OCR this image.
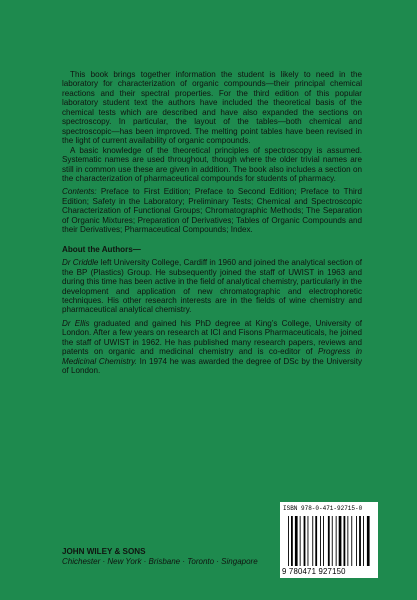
This book brings together information the student is likely to need in the laboratory for characterization of organic compounds—their principal chemical reactions and their spectral properties. For the third edition of this popular laboratory student text the authors have included the theoretical basis of the chemical tests which are described and have also expanded the sections on spectroscopy. In particular, the layout of the tables—both chemical and spectroscopic—has been improved. The melting point tables have been revised in the light of current availability of organic compounds.

A basic knowledge of the theoretical principles of spectroscopy is assumed. Systematic names are used throughout, though where the older trivial names are still in common use these are given in addition. The book also includes a section on the characterization of pharmaceutical compounds for students of pharmacy.

Contents: Preface to First Edition; Preface to Second Edition; Preface to Third Edition; Safety in the Laboratory; Preliminary Tests; Chemical and Spectroscopic Characterization of Functional Groups; Chromatographic Methods; The Separation of Organic Mixtures; Preparation of Derivatives; Tables of Organic Compounds and their Derivatives; Pharmaceutical Compounds; Index.

About the Authors—

Dr Criddle left University College, Cardiff in 1960 and joined the analytical section of the BP (Plastics) Group. He subsequently joined the staff of UWIST in 1963 and during this time has been active in the field of analytical chemistry, particularly in the development and application of new chromatographic and electrophoretic techniques. His other research interests are in the fields of wine chemistry and pharmaceutical analytical chemistry.

Dr Ellis graduated and gained his PhD degree at King’s College, University of London. After a few years on research at ICI and Fisons Pharmaceuticals, he joined the staff of UWIST in 1962. He has published many research papers, reviews and patents on organic and medicinal chemistry and is co-editor of Progress in Medicinal Chemistry. In 1974 he was awarded the degree of DSc by the University of London.

ISBN 978-0-471-92715-0
9 780471 927150
JOHN WILEY & SONS
Chichester · New York · Brisbane · Toronto · Singapore
